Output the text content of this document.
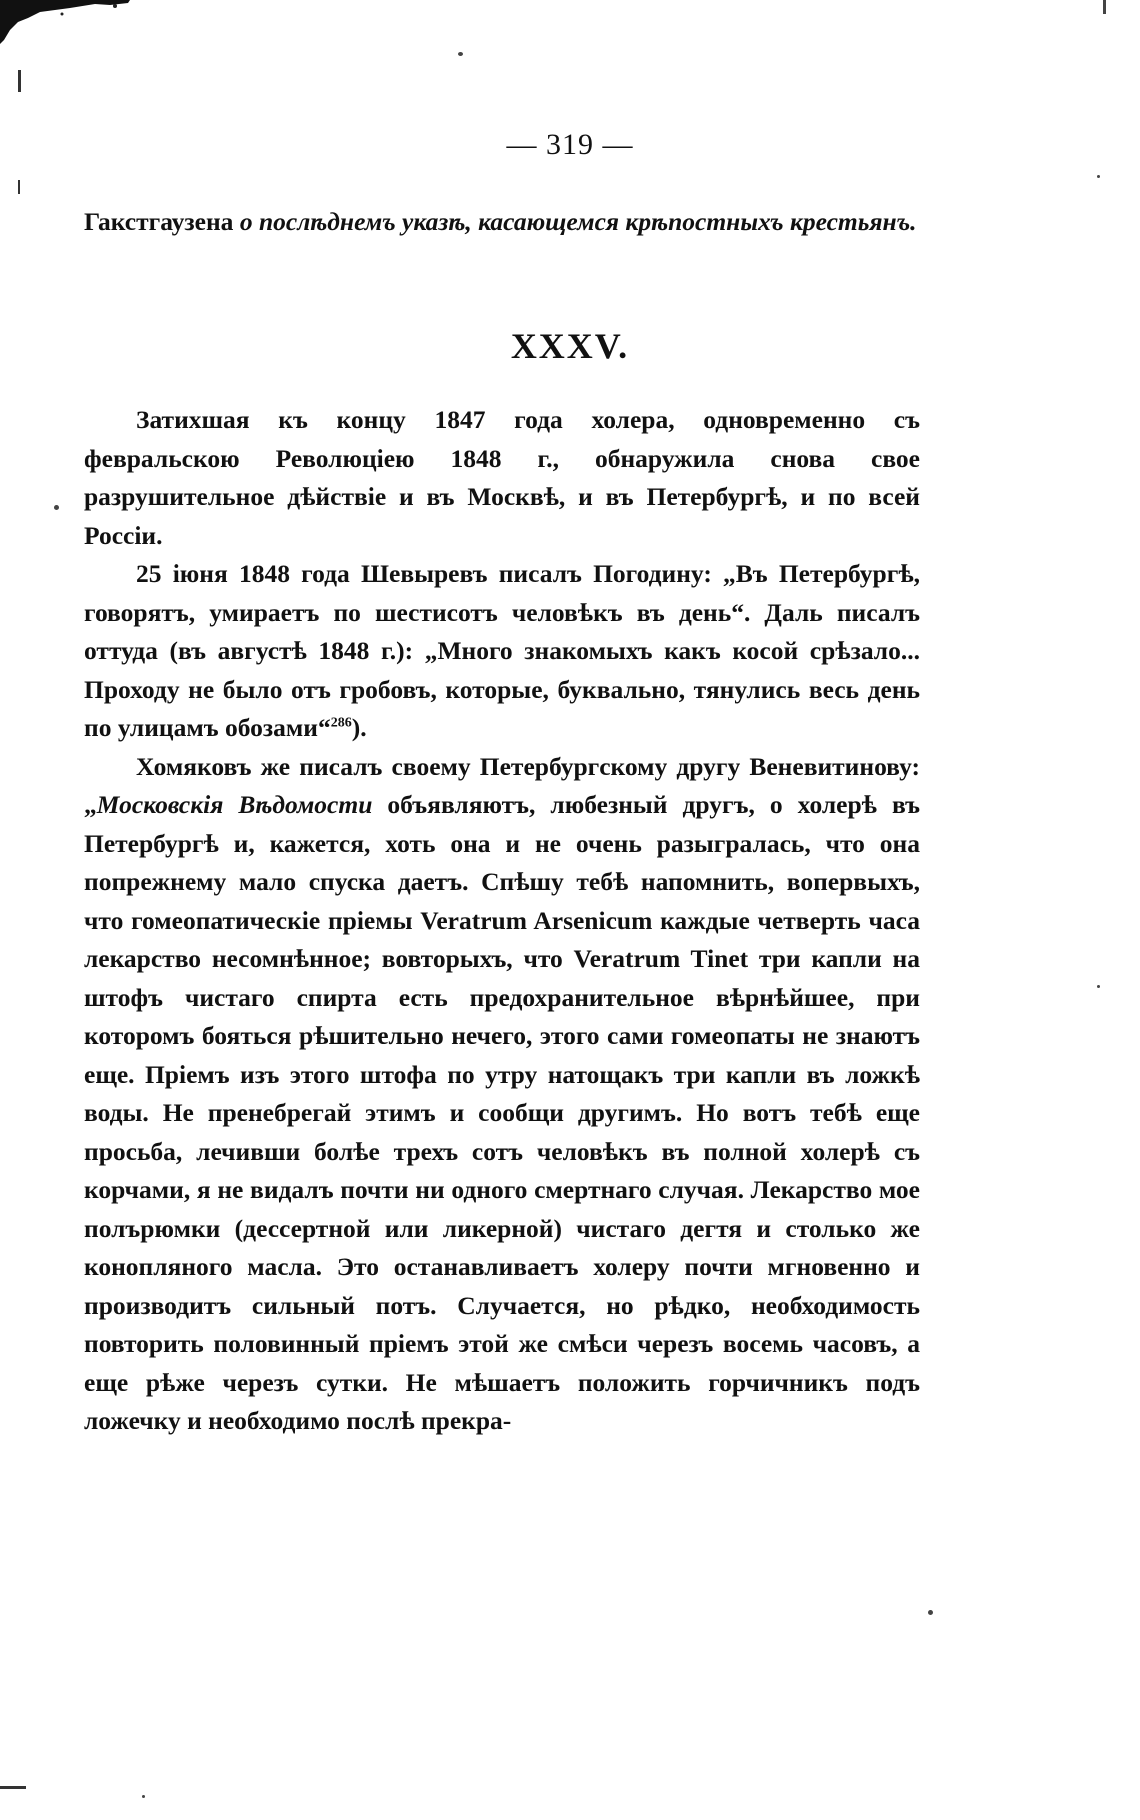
— 319 —
Гакстгаузена о послѣднемъ указѣ, касающемся крѣпостныхъ крестьянъ.
XXXV.

Затихшая къ концу 1847 года холера, одновременно съ февральскою Революціею 1848 г., обнаружила снова свое разрушительное дѣйствіе и въ Москвѣ, и въ Петербургѣ, и по всей Россіи.

25 іюня 1848 года Шевыревъ писалъ Погодину: „Въ Петербургѣ, говорятъ, умираетъ по шестисотъ человѣкъ въ день“. Даль писалъ оттуда (въ августѣ 1848 г.): „Много знакомыхъ какъ косой срѣзало... Проходу не было отъ гробовъ, которые, буквально, тянулись весь день по улицамъ обозами“$^{286}$).

Хомяковъ же писалъ своему Петербургскому другу Веневитинову: „Московскія Вѣдомости объявляютъ, любезный другъ, о холерѣ въ Петербургѣ и, кажется, хоть она и не очень разыгралась, что она попрежнему мало спуска даетъ. Спѣшу тебѣ напомнить, вопервыхъ, что гомеопатическіе пріемы Veratrum Arsenicum каждые четверть часа лекарство несомнѣнное; вовторыхъ, что Veratrum Tinet три капли на штофъ чистаго спирта есть предохранительное вѣрнѣйшее, при которомъ бояться рѣшительно нечего, этого сами гомеопаты не знаютъ еще. Пріемъ изъ этого штофа по утру натощакъ три капли въ ложкѣ воды. Не пренебрегай этимъ и сообщи другимъ. Но вотъ тебѣ еще просьба, лечивши болѣе трехъ сотъ человѣкъ въ полной холерѣ съ корчами, я не видалъ почти ни одного смертнаго случая. Лекарство мое полърюмки (дессертной или ликерной) чистаго дегтя и столько же конопляного масла. Это останавливаетъ холеру почти мгновенно и производитъ сильный потъ. Случается, но рѣдко, необходимость повторить половинный пріемъ этой же смѣси черезъ восемь часовъ, а еще рѣже черезъ сутки. Не мѣшаетъ положить горчичникъ подъ ложечку и необходимо послѣ прекра-
